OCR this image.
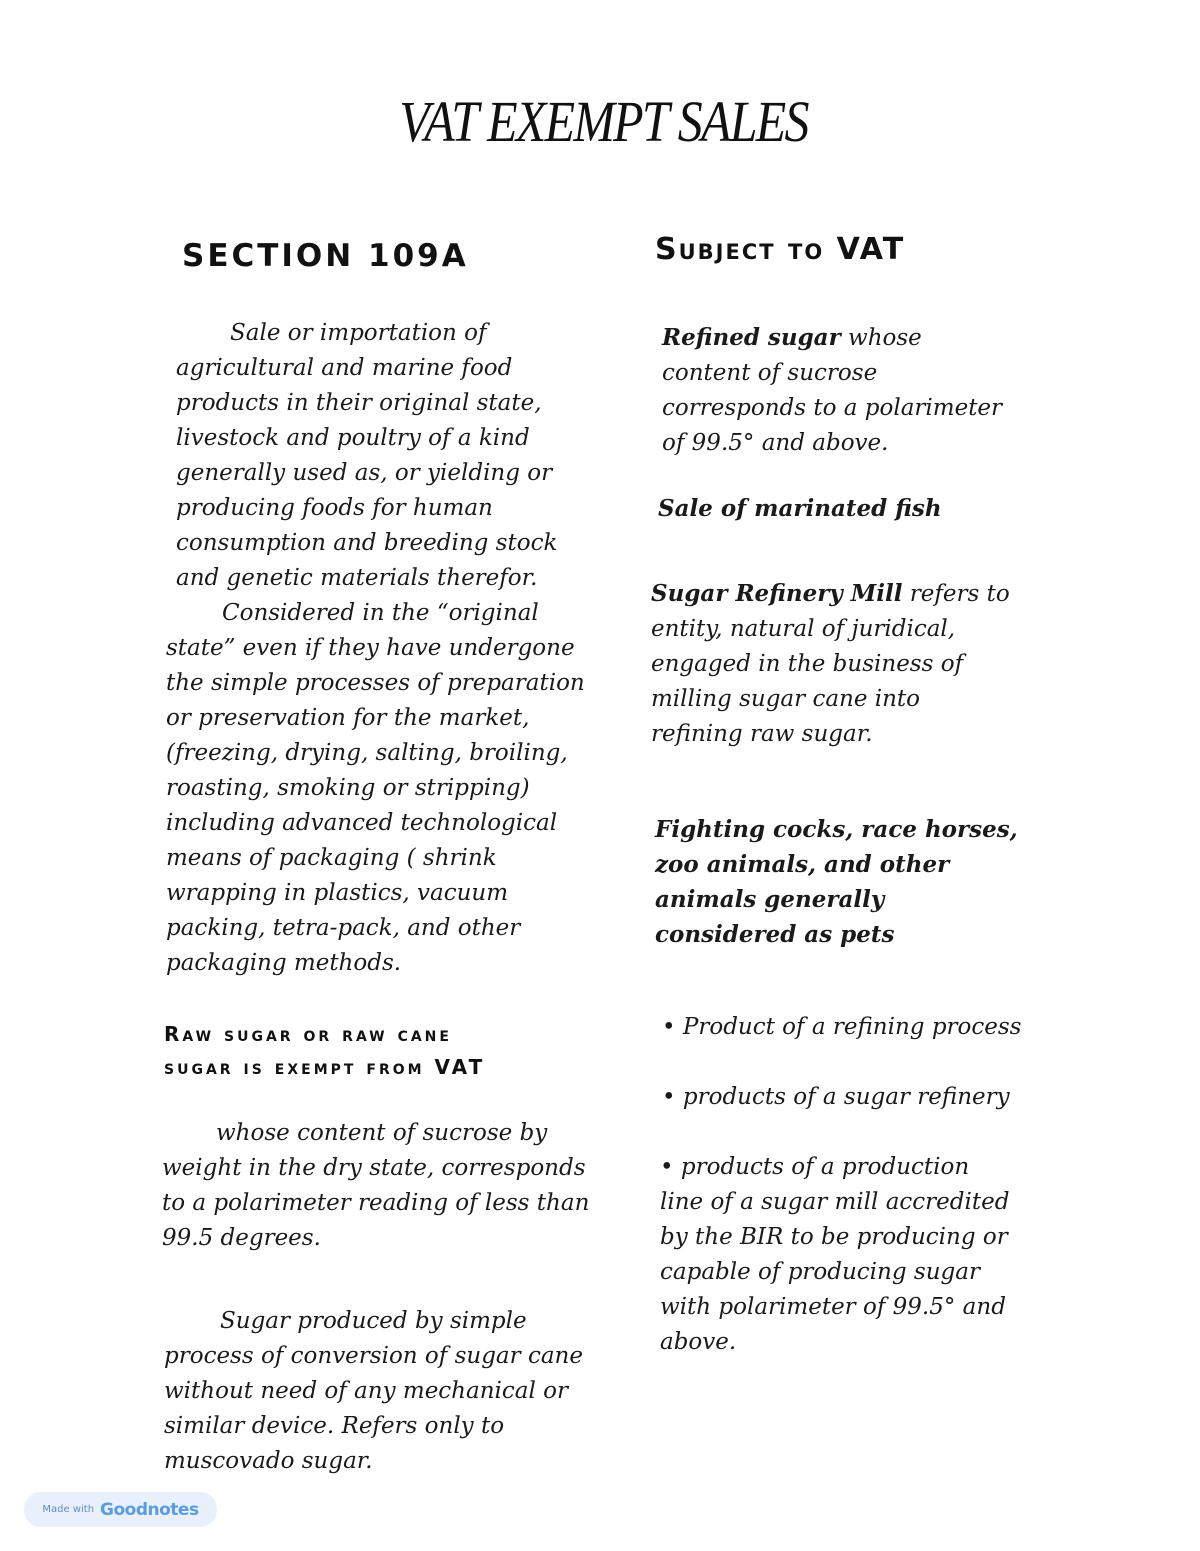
VAT EXEMPT SALES
SECTION 109A
Sale or importation of
agricultural and marine food
products in their original state,
livestock and poultry of a kind
generally used as, or yielding or
producing foods for human
consumption and breeding stock
and genetic materials therefor.
Considered in the “original
state” even if they have undergone
the simple processes of preparation
or preservation for the market,
(freezing, drying, salting, broiling,
roasting, smoking or stripping)
including advanced technological
means of packaging ( shrink
wrapping in plastics, vacuum
packing, tetra-pack, and other
packaging methods.
Raw sugar or raw cane
sugar is exempt from VAT
whose content of sucrose by
weight in the dry state, corresponds
to a polarimeter reading of less than
99.5 degrees.
Sugar produced by simple
process of conversion of sugar cane
without need of any mechanical or
similar device. Refers only to
muscovado sugar.
Subject to VAT
Refined sugar whose
content of sucrose
corresponds to a polarimeter
of 99.5° and above.
Sale of marinated fish
Sugar Refinery Mill refers to
entity, natural of juridical,
engaged in the business of
milling sugar cane into
refining raw sugar.
Fighting cocks, race horses,
zoo animals, and other
animals generally
considered as pets
• Product of a refining process
• products of a sugar refinery
• products of a production
line of a sugar mill accredited
by the BIR to be producing or
capable of producing sugar
with polarimeter of 99.5° and
above.
Made with Goodnotes
